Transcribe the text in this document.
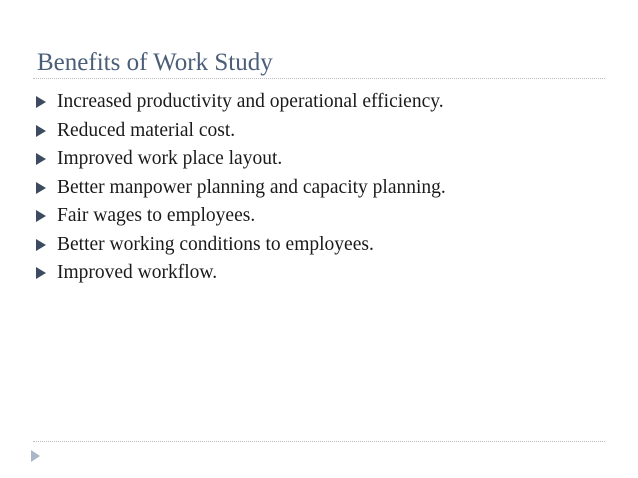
Benefits of Work Study
Increased productivity and operational efficiency.
Reduced material cost.
Improved work place layout.
Better manpower planning and capacity planning.
Fair wages to employees.
Better working conditions to employees.
Improved workflow.
